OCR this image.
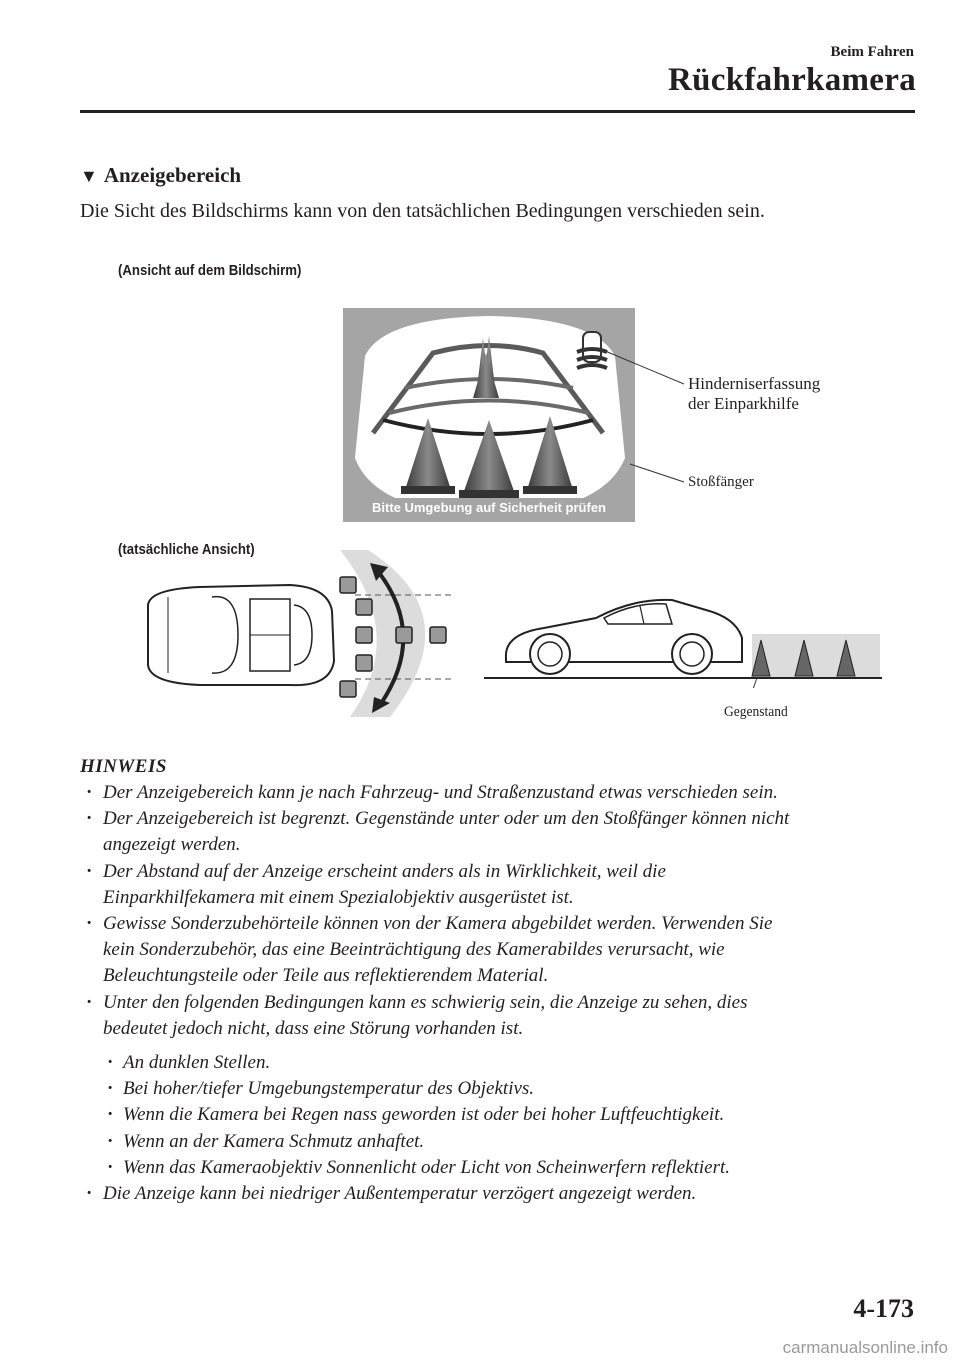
Beim Fahren
Rückfahrkamera
▼ Anzeigebereich
Die Sicht des Bildschirms kann von den tatsächlichen Bedingungen verschieden sein.
(Ansicht auf dem Bildschirm)
Bitte Umgebung auf Sicherheit prüfen
Hinderniserfassung
der Einparkhilfe
Stoßfänger
(tatsächliche Ansicht)
Gegenstand
HINWEIS
· Der Anzeigebereich kann je nach Fahrzeug- und Straßenzustand etwas verschieden sein.
· Der Anzeigebereich ist begrenzt. Gegenstände unter oder um den Stoßfänger können nicht
angezeigt werden.
· Der Abstand auf der Anzeige erscheint anders als in Wirklichkeit, weil die
Einparkhilfekamera mit einem Spezialobjektiv ausgerüstet ist.
· Gewisse Sonderzubehörteile können von der Kamera abgebildet werden. Verwenden Sie
kein Sonderzubehör, das eine Beeinträchtigung des Kamerabildes verursacht, wie
Beleuchtungsteile oder Teile aus reflektierendem Material.
· Unter den folgenden Bedingungen kann es schwierig sein, die Anzeige zu sehen, dies
bedeutet jedoch nicht, dass eine Störung vorhanden ist.
· An dunklen Stellen.
· Bei hoher/tiefer Umgebungstemperatur des Objektivs.
· Wenn die Kamera bei Regen nass geworden ist oder bei hoher Luftfeuchtigkeit.
· Wenn an der Kamera Schmutz anhaftet.
· Wenn das Kameraobjektiv Sonnenlicht oder Licht von Scheinwerfern reflektiert.
· Die Anzeige kann bei niedriger Außentemperatur verzögert angezeigt werden.
4-173
carmanualsonline.info
